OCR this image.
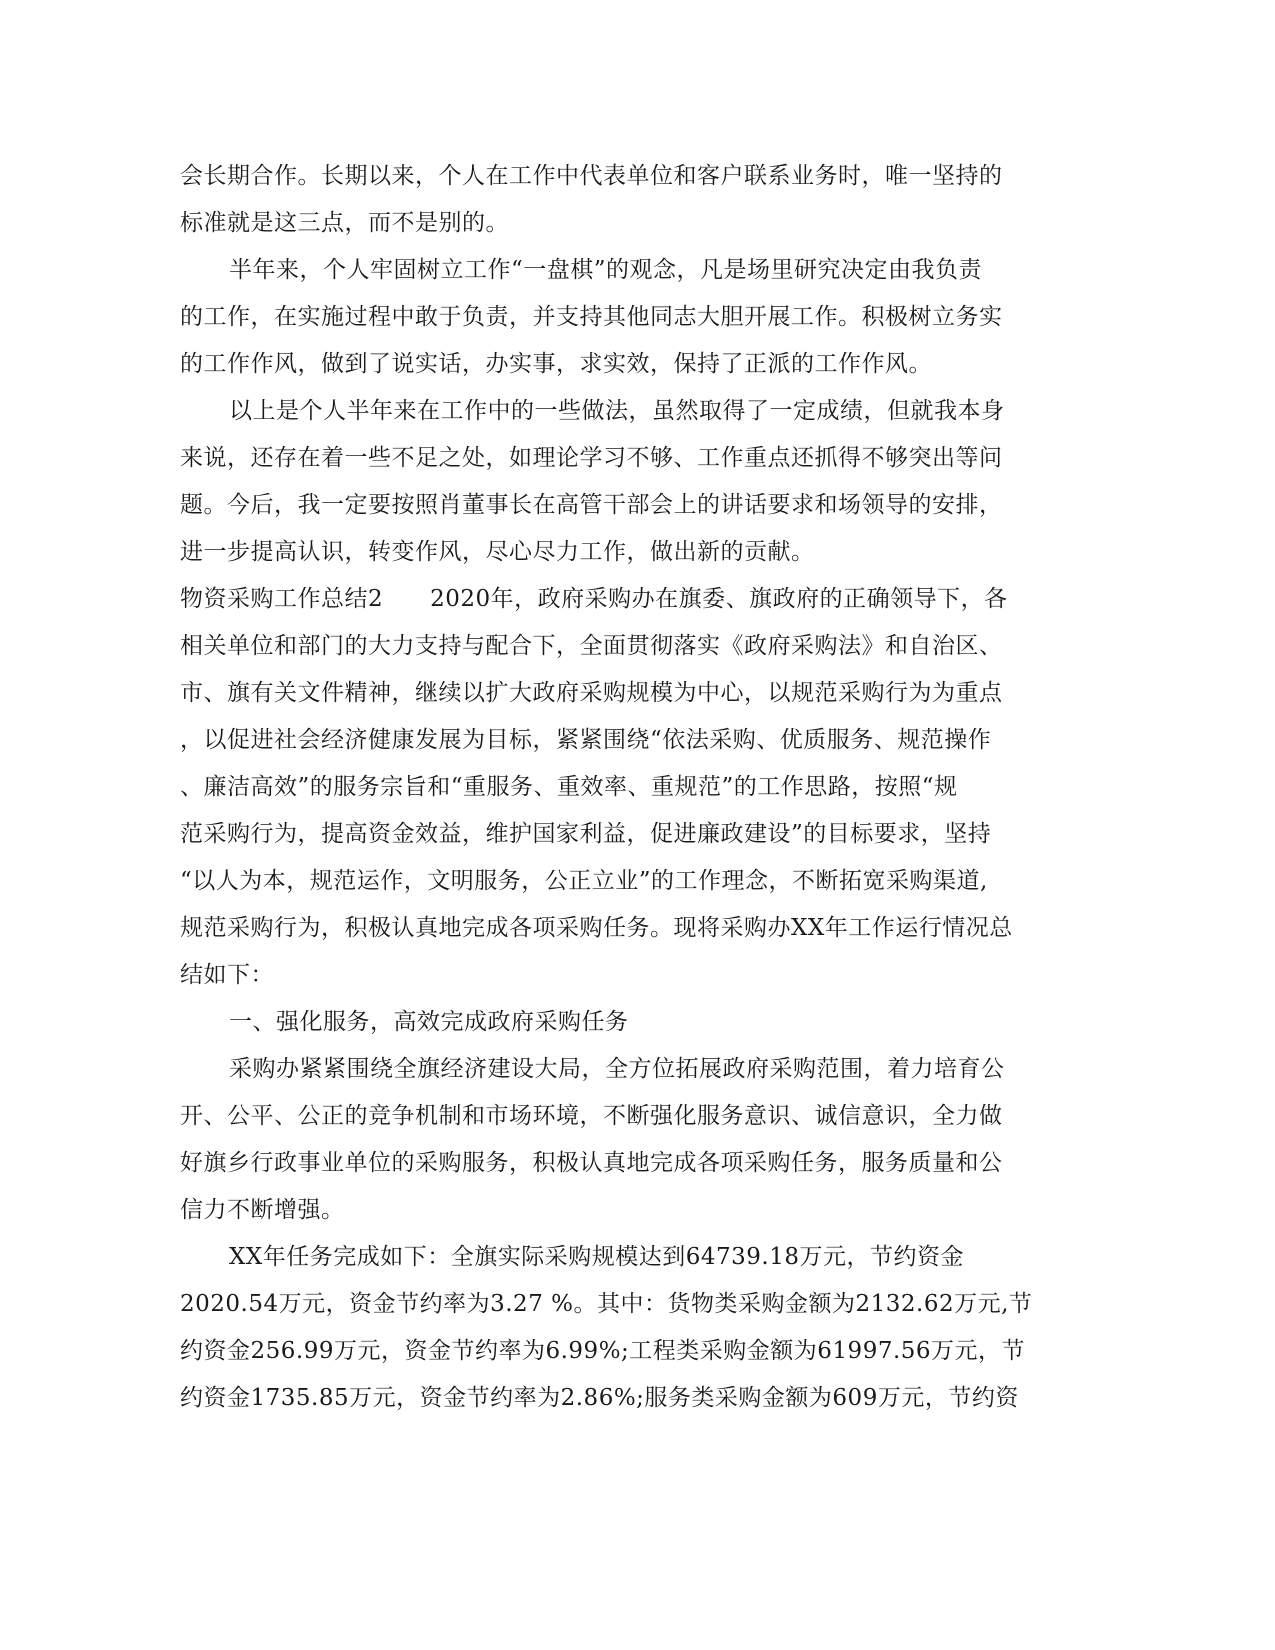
会长期合作。长期以来，个人在工作中代表单位和客户联系业务时，唯一坚持的
标准就是这三点，而不是别的。
半年来，个人牢固树立工作“一盘棋”的观念，凡是场里研究决定由我负责
的工作，在实施过程中敢于负责，并支持其他同志大胆开展工作。积极树立务实
的工作作风，做到了说实话，办实事，求实效，保持了正派的工作作风。
以上是个人半年来在工作中的一些做法，虽然取得了一定成绩，但就我本身
来说，还存在着一些不足之处，如理论学习不够、工作重点还抓得不够突出等问
题。今后，我一定要按照肖董事长在高管干部会上的讲话要求和场领导的安排，
进一步提高认识，转变作风，尽心尽力工作，做出新的贡献。
物资采购工作总结2　　2020年，政府采购办在旗委、旗政府的正确领导下，各
相关单位和部门的大力支持与配合下，全面贯彻落实《政府采购法》和自治区、
市、旗有关文件精神，继续以扩大政府采购规模为中心，以规范采购行为为重点
，以促进社会经济健康发展为目标，紧紧围绕“依法采购、优质服务、规范操作
、廉洁高效”的服务宗旨和“重服务、重效率、重规范”的工作思路，按照“规
范采购行为，提高资金效益，维护国家利益，促进廉政建设”的目标要求，坚持
“以人为本，规范运作，文明服务，公正立业”的工作理念，不断拓宽采购渠道,
规范采购行为，积极认真地完成各项采购任务。现将采购办XX年工作运行情况总
结如下：
一、强化服务，高效完成政府采购任务
采购办紧紧围绕全旗经济建设大局，全方位拓展政府采购范围，着力培育公
开、公平、公正的竞争机制和市场环境，不断强化服务意识、诚信意识，全力做
好旗乡行政事业单位的采购服务，积极认真地完成各项采购任务，服务质量和公
信力不断增强。
XX年任务完成如下：全旗实际采购规模达到64739.18万元，节约资金
2020.54万元，资金节约率为3.27 %。其中：货物类采购金额为2132.62万元,节
约资金256.99万元，资金节约率为6.99%;工程类采购金额为61997.56万元，节
约资金1735.85万元，资金节约率为2.86%;服务类采购金额为609万元，节约资
